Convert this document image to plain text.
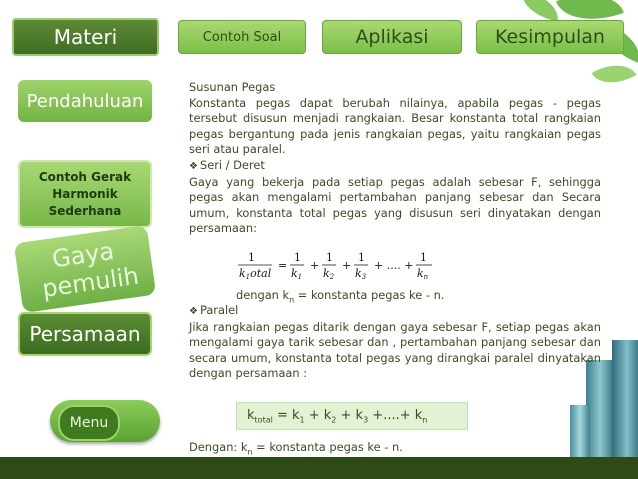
Materi	Contoh Soal	Aplikasi	Kesimpulan
Pendahuluan
Contoh Gerak Harmonik Sederhana
Gaya pemulih
Persamaan
Menu

Susunan Pegas

Konstanta pegas dapat berubah nilainya, apabila pegas - pegas tersebut disusun menjadi rangkaian. Besar konstanta total rangkaian pegas bergantung pada jenis rangkaian pegas, yaitu rangkaian pegas seri atau paralel.

❖ Seri / Deret

Gaya yang bekerja pada setiap pegas adalah sebesar F, sehingga pegas akan mengalami pertambahan panjang sebesar dan Secara umum, konstanta total pegas yang disusun seri dinyatakan dengan persamaan:

1
k1otal
=
1
k1
+
1
k2
+
1
k3
+ .... +
1
kn
dengan $k_n$ = konstanta pegas ke - n.

❖ Paralel

Jika rangkaian pegas ditarik dengan gaya sebesar F, setiap pegas akan mengalami gaya tarik sebesar dan , pertambahan panjang sebesar dan secara umum, konstanta total pegas yang dirangkai paralel dinyatakan dengan persamaan :

$k_{total} = k_1 + k_2 + k_3$ +....+ $k_n$
Dengan: $k_n$ = konstanta pegas ke - n.
